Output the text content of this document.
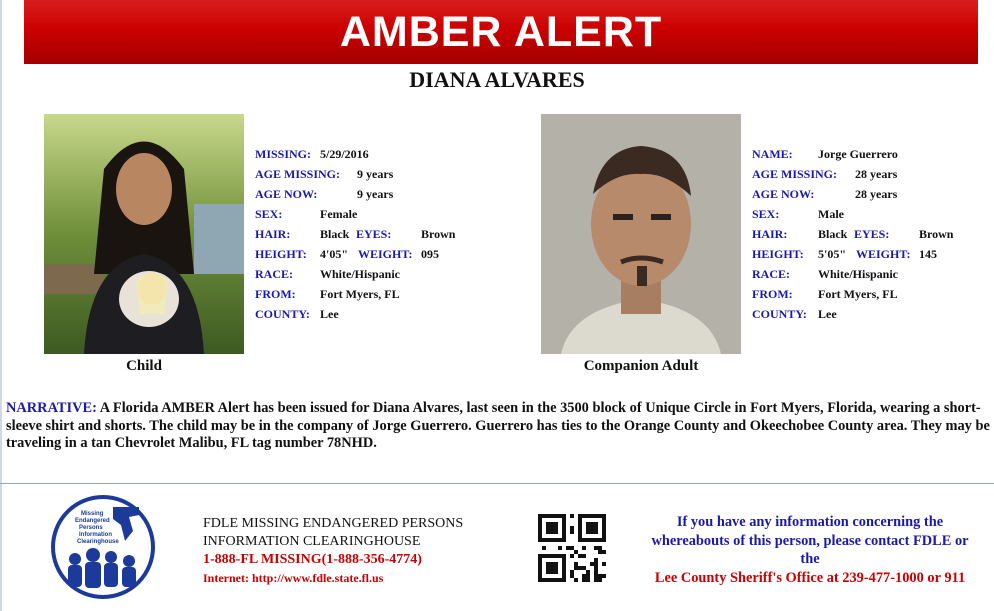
AMBER ALERT
DIANA ALVARES
Child
MISSING: 5/29/2016
AGE MISSING: 9 years
AGE NOW:	9 years
SEX:	Female
HAIR: Black EYES: Brown
HEIGHT: 4'05" WEIGHT: 095
RACE: White/Hispanic
FROM: Fort Myers, FL
COUNTY: Lee
Companion Adult
NAME: Jorge Guerrero
AGE MISSING: 28 years
AGE NOW:	28 years
SEX:	Male
HAIR:	Black EYES: Brown
HEIGHT: 5'05" WEIGHT: 145
RACE: White/Hispanic
FROM: Fort Myers, FL
COUNTY: Lee
NARRATIVE: A Florida AMBER Alert has been issued for Diana Alvares, last seen in the 3500 block of Unique Circle in Fort Myers, Florida, wearing a short-sleeve shirt and shorts. The child may be in the company of Jorge Guerrero. Guerrero has ties to the Orange County and Okeechobee County area. They may be traveling in a tan Chevrolet Malibu, FL tag number 78NHD.
Missing
Endangered
Persons
Information
Clearinghouse
FDLE MISSING ENDANGERED PERSONS
INFORMATION CLEARINGHOUSE
1-888-FL MISSING(1-888-356-4774)
Internet: http://www.fdle.state.fl.us
If you have any information concerning the
whereabouts of this person, please contact FDLE or
the
Lee County Sheriff's Office at 239-477-1000 or 911
